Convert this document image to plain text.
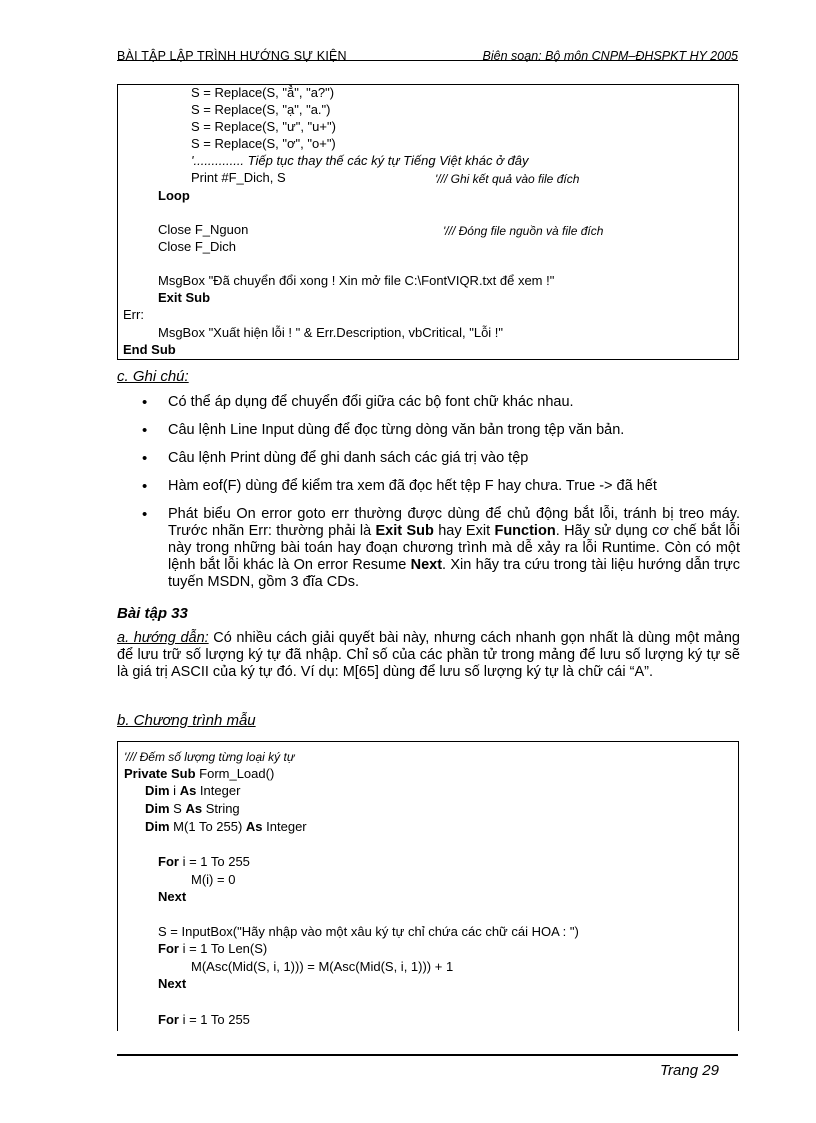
BÀI TẬP LẬP TRÌNH HƯỚNG SỰ KIỆN	Biên soạn: Bộ môn CNPM–ĐHSPKT HY 2005
S = Replace(S, "ẳ", "a?")
S = Replace(S, "ạ", "a.")
S = Replace(S, "ư", "u+")
S = Replace(S, "ơ", "o+")
'.............. Tiếp tục thay thế các ký tự Tiếng Việt khác ở đây
Print #F_Dich, S	'/// Ghi kết quả vào file đích
Loop
Close F_Nguon	'/// Đóng file nguồn và file đích
Close F_Dich
MsgBox "Đã chuyển đổi xong ! Xin mở file C:\FontVIQR.txt để xem !"
Exit Sub
Err:
MsgBox "Xuất hiện lỗi ! " & Err.Description, vbCritical, "Lỗi !"
End Sub
c. Ghi chú:
• Có thể áp dụng để chuyển đổi giữa các bộ font chữ khác nhau.
• Câu lệnh Line Input dùng để đọc từng dòng văn bản trong tệp văn bản.
• Câu lệnh Print dùng để ghi danh sách các giá trị vào tệp
• Hàm eof(F) dùng để kiểm tra xem đã đọc hết tệp F hay chưa. True -> đã hết
• Phát biểu On error goto err thường được dùng để chủ động bắt lỗi, tránh bị treo máy. Trước nhãn Err: thường phải là Exit Sub hay Exit Function. Hãy sử dụng cơ chế bắt lỗi này trong những bài toán hay đoạn chương trình mà dễ xảy ra lỗi Runtime. Còn có một lệnh bắt lỗi khác là On error Resume Next. Xin hãy tra cứu trong tài liệu hướng dẫn trực tuyến MSDN, gồm 3 đĩa CDs.
Bài tập 33
a. hướng dẫn: Có nhiều cách giải quyết bài này, nhưng cách nhanh gọn nhất là dùng một mảng để lưu trữ số lượng ký tự đã nhập. Chỉ số của các phần tử trong mảng để lưu số lượng ký tự sẽ là giá trị ASCII của ký tự đó. Ví dụ: M[65] dùng để lưu số lượng ký tự là chữ cái “A”.
b. Chương trình mẫu
'/// Đếm số lượng từng loại ký tự
Private Sub Form_Load()
Dim i As Integer
Dim S As String
Dim M(1 To 255) As Integer
For i = 1 To 255
M(i) = 0
Next
S = InputBox("Hãy nhập vào một xâu ký tự chỉ chứa các chữ cái HOA : ")
For i = 1 To Len(S)
M(Asc(Mid(S, i, 1))) = M(Asc(Mid(S, i, 1))) + 1
Next
For i = 1 To 255
Trang 29
